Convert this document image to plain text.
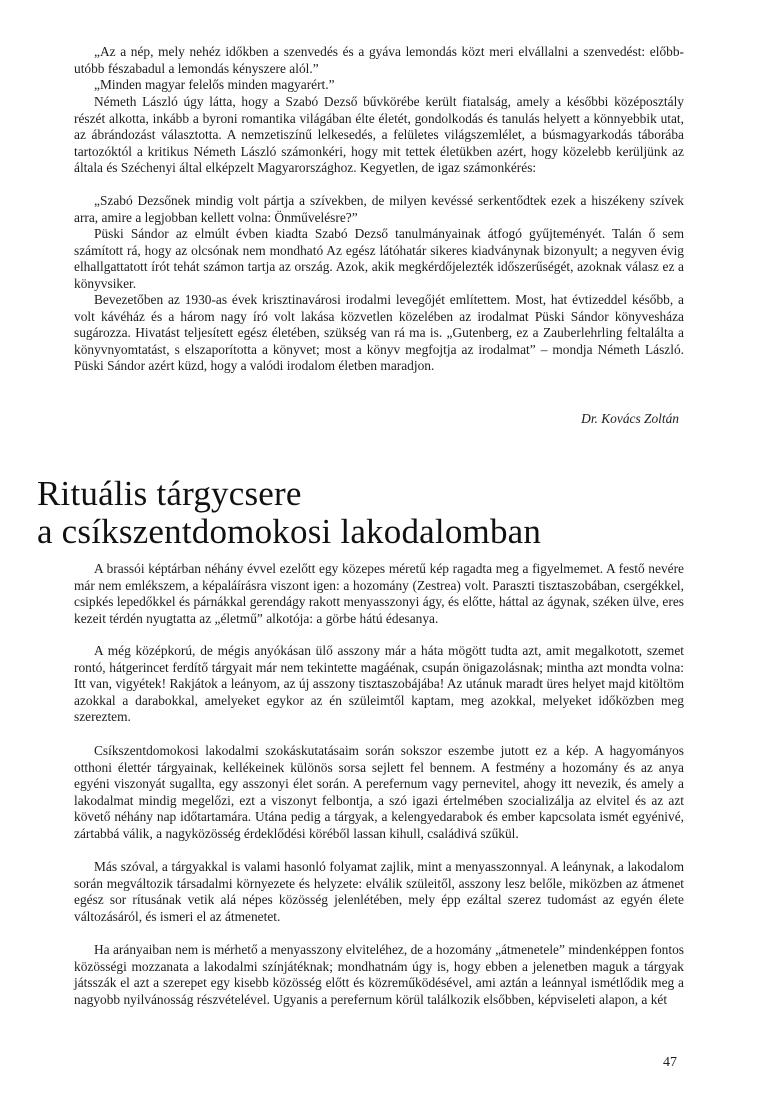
„Az a nép, mely nehéz időkben a szenvedés és a gyáva lemondás közt meri elvállalni a szenvedést: előbb-utóbb fészabadul a lemondás kényszere alól.”

„Minden magyar felelős minden magyarért.”

Németh László úgy látta, hogy a Szabó Dezső bűvkörébe került fiatalság, amely a későbbi középosztály részét alkotta, inkább a byroni romantika világában élte életét, gondolkodás és tanulás helyett a könnyebbik utat, az ábrándozást választotta. A nemzetiszínű lelkesedés, a felületes világszemlélet, a búsmagyarkodás táborába tartozóktól a kritikus Németh László számonkéri, hogy mit tettek életükben azért, hogy közelebb kerüljünk az általa és Széchenyi által elképzelt Magyarországhoz. Kegyetlen, de igaz számonkérés:

„Szabó Dezsőnek mindig volt pártja a szívekben, de milyen kevéssé serkentődtek ezek a hiszékeny szívek arra, amire a legjobban kellett volna: Önművelésre?”

Püski Sándor az elmúlt évben kiadta Szabó Dezső tanulmányainak átfogó gyűjteményét. Talán ő sem számított rá, hogy az olcsónak nem mondható Az egész látóhatár sikeres kiadványnak bizonyult; a negyven évig elhallgattatott írót tehát számon tartja az ország. Azok, akik megkérdőjelezték időszerűségét, azoknak válasz ez a könyvsiker.

Bevezetőben az 1930-as évek krisztinavárosi irodalmi levegőjét említettem. Most, hat évtizeddel később, a volt kávéház és a három nagy író volt lakása közvetlen közelében az irodalmat Püski Sándor könyvesháza sugározza. Hivatást teljesített egész életében, szükség van rá ma is. „Gutenberg, ez a Zauberlehrling feltalálta a könyvnyomtatást, s elszaporította a könyvet; most a könyv megfojtja az irodalmat” – mondja Németh László. Püski Sándor azért küzd, hogy a valódi irodalom életben maradjon.

Dr. Kovács Zoltán

Rituális tárgycsere
a csíkszentdomokosi lakodalomban

A brassói képtárban néhány évvel ezelőtt egy közepes méretű kép ragadta meg a figyelmemet. A festő nevére már nem emlékszem, a képaláírásra viszont igen: a hozomány (Zestrea) volt. Paraszti tisztaszobában, csergékkel, csipkés lepedőkkel és párnákkal gerendágy rakott menyasszonyi ágy, és előtte, háttal az ágynak, széken ülve, eres kezeit térdén nyugtatta az „életmű” alkotója: a görbe hátú édesanya.

A még középkorú, de mégis anyókásan ülő asszony már a háta mögött tudta azt, amit megalkotott, szemet rontó, hátgerincet ferdítő tárgyait már nem tekintette magáénak, csupán önigazolásnak; mintha azt mondta volna: Itt van, vigyétek! Rakjátok a leányom, az új asszony tisztaszobájába! Az utánuk maradt üres helyet majd kitöltöm azokkal a darabokkal, amelyeket egykor az én szüleimtől kaptam, meg azokkal, melyeket időközben meg szereztem.

Csíkszentdomokosi lakodalmi szokáskutatásaim során sokszor eszembe jutott ez a kép. A hagyományos otthoni élettér tárgyainak, kellékeinek különös sorsa sejlett fel bennem. A festmény a hozomány és az anya egyéni viszonyát sugallta, egy asszonyi élet során. A perefernum vagy pernevitel, ahogy itt nevezik, és amely a lakodalmat mindig megelőzi, ezt a viszonyt felbontja, a szó igazi értelmében szocializálja az elvitel és az azt követő néhány nap időtartamára. Utána pedig a tárgyak, a kelengyedarabok és ember kapcsolata ismét egyénivé, zártabbá válik, a nagyközösség érdeklődési köréből lassan kihull, családivá szűkül.

Más szóval, a tárgyakkal is valami hasonló folyamat zajlik, mint a menyasszonnyal. A leánynak, a lakodalom során megváltozik társadalmi környezete és helyzete: elválik szüleitől, asszony lesz belőle, miközben az átmenet egész sor rítusának vetik alá népes közösség jelenlétében, mely épp ezáltal szerez tudomást az egyén élete változásáról, és ismeri el az átmenetet.

Ha arányaiban nem is mérhető a menyasszony elviteléhez, de a hozomány „átmenetele” mindenképpen fontos közösségi mozzanata a lakodalmi színjátéknak; mondhatnám úgy is, hogy ebben a jelenetben maguk a tárgyak játsszák el azt a szerepet egy kisebb közösség előtt és közreműködésével, ami aztán a leánnyal ismétlődik meg a nagyobb nyilvánosság részvételével. Ugyanis a perefernum körül találkozik elsőbben, képviseleti alapon, a két

47
